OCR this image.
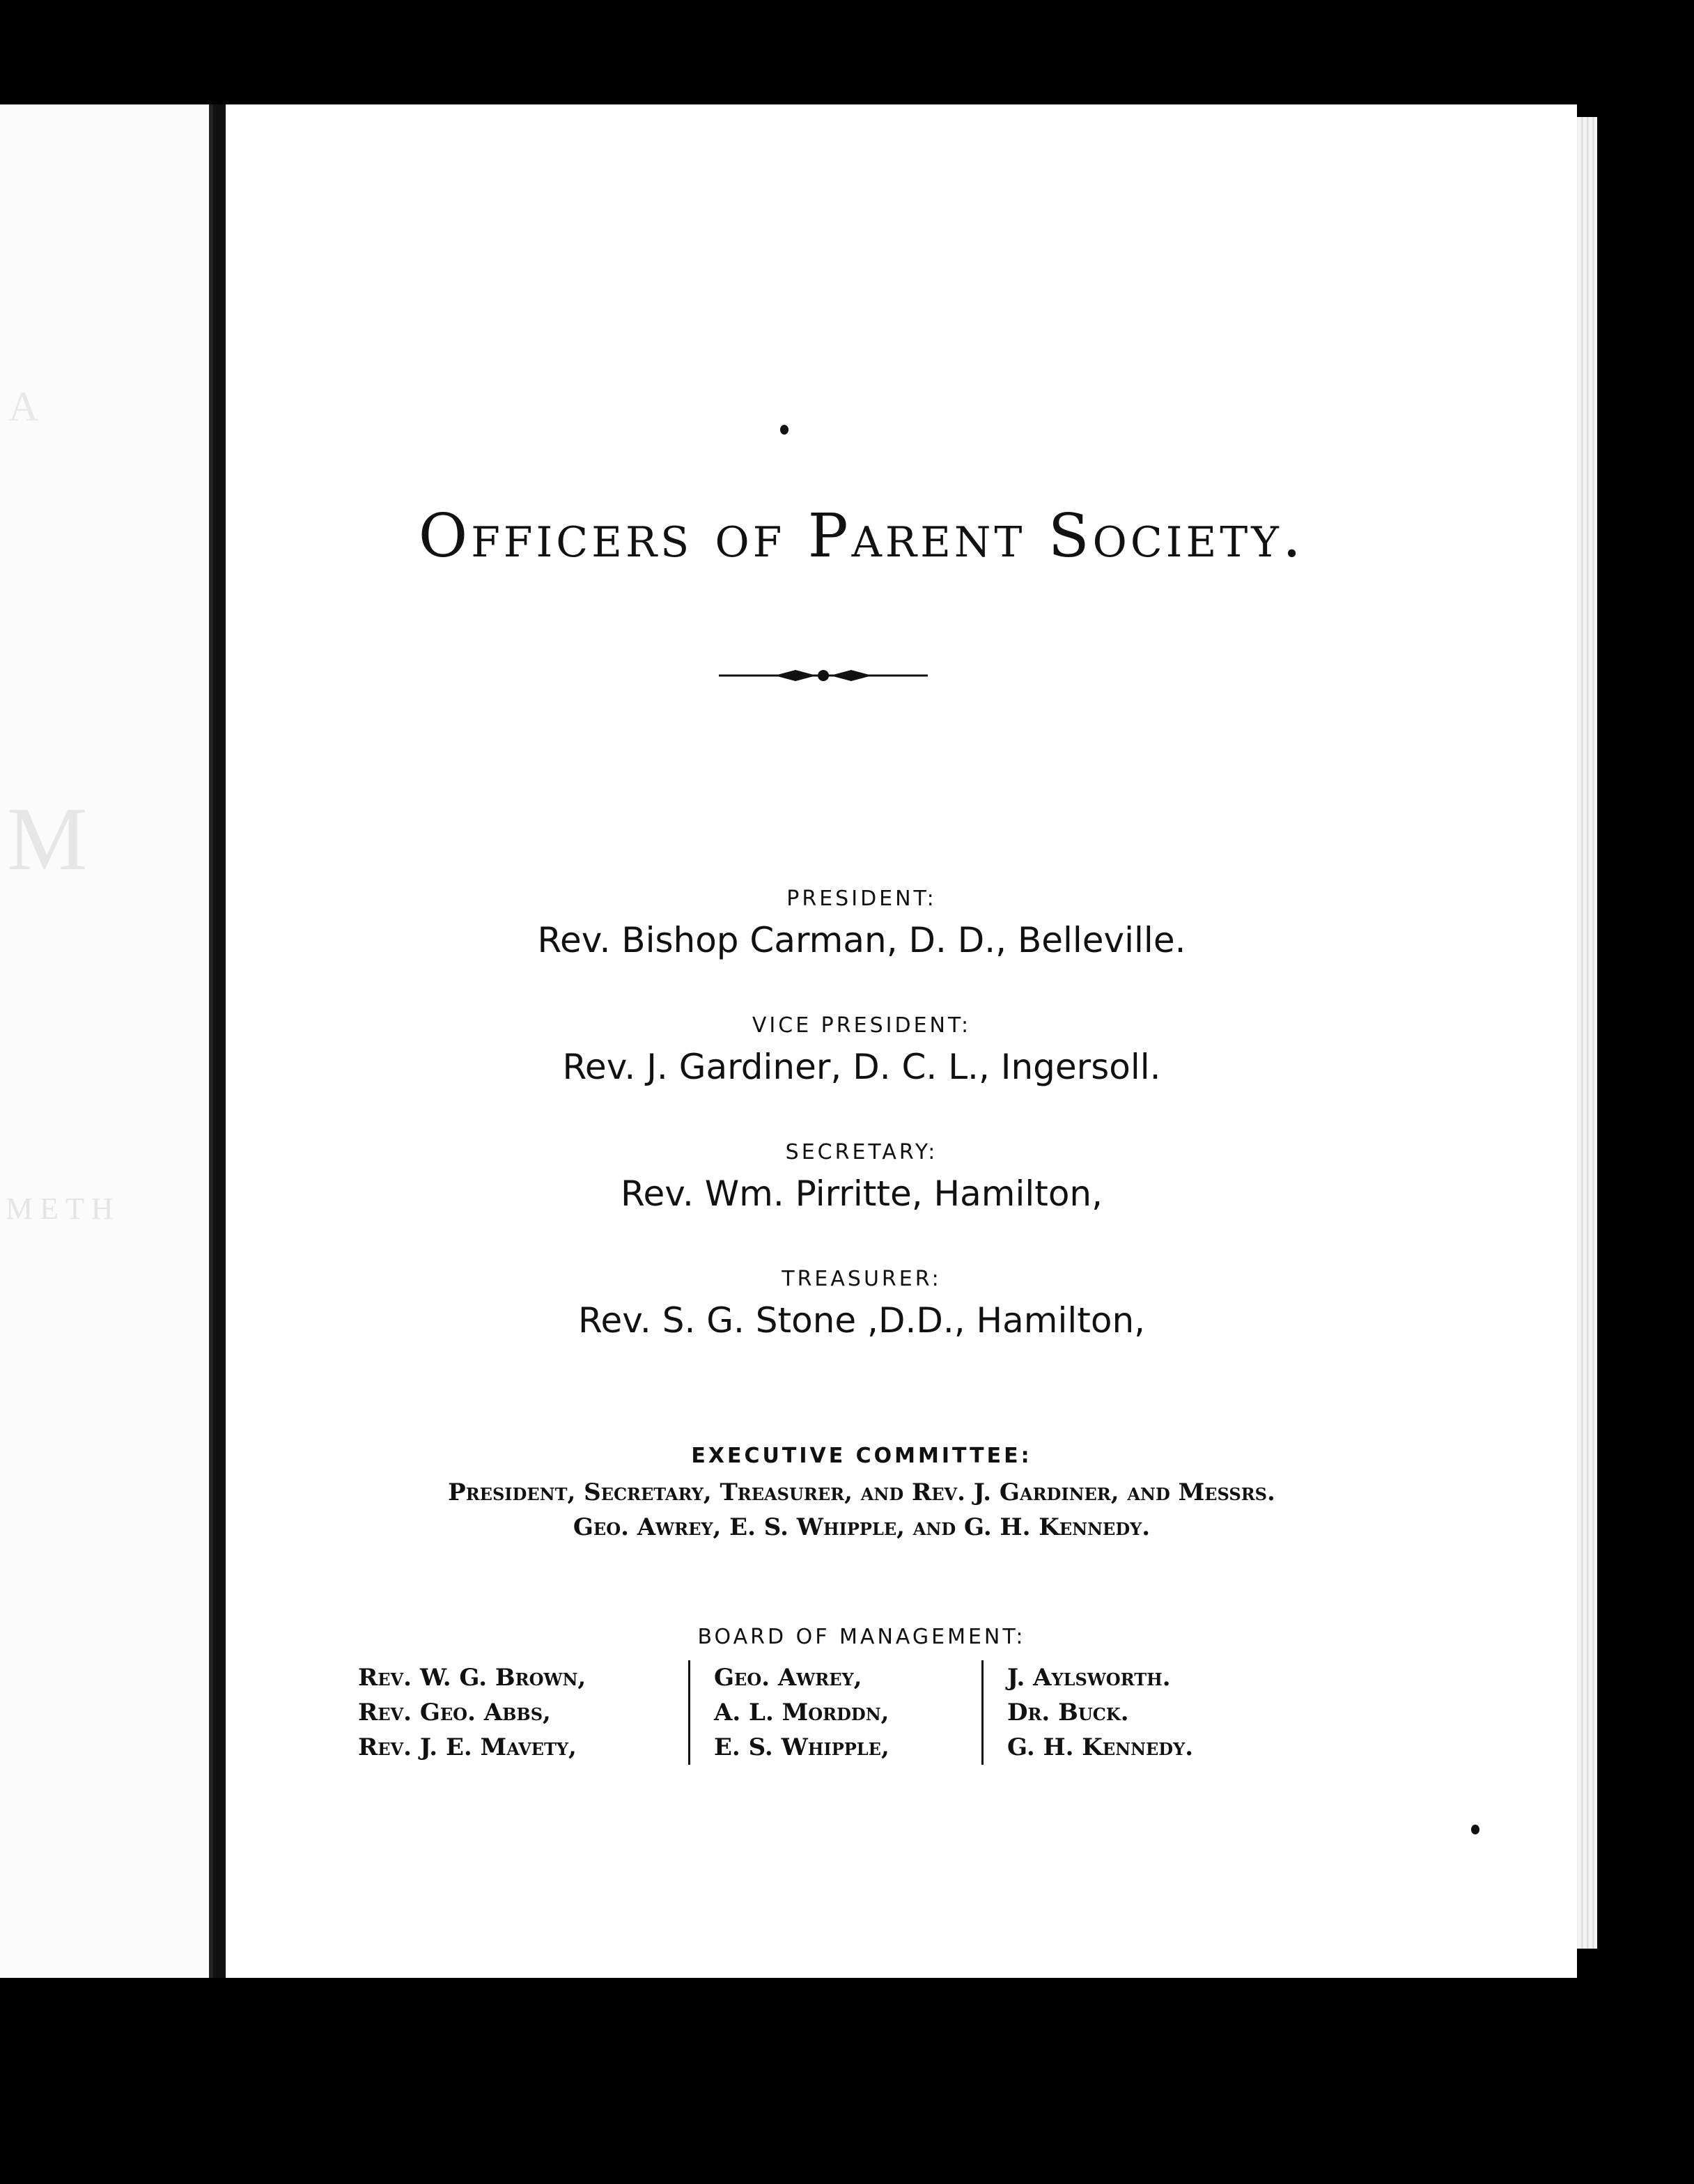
A
M
METH
Officers of Parent Society.
PRESIDENT:
Rev. Bishop Carman, D. D., Belleville.
VICE PRESIDENT:
Rev. J. Gardiner, D. C. L., Ingersoll.
SECRETARY:
Rev. Wm. Pirritte, Hamilton,
TREASURER:
Rev. S. G. Stone ,D.D., Hamilton,
EXECUTIVE COMMITTEE:
President, Secretary, Treasurer, and Rev. J. Gardiner, and Messrs.
Geo. Awrey, E. S. Whipple, and G. H. Kennedy.
BOARD OF MANAGEMENT:
Rev. W. G. Brown,
Rev. Geo. Abbs,
Rev. J. E. Mavety,
Geo. Awrey,
A. L. Morddn,
E. S. Whipple,
J. Aylsworth.
Dr. Buck.
G. H. Kennedy.
